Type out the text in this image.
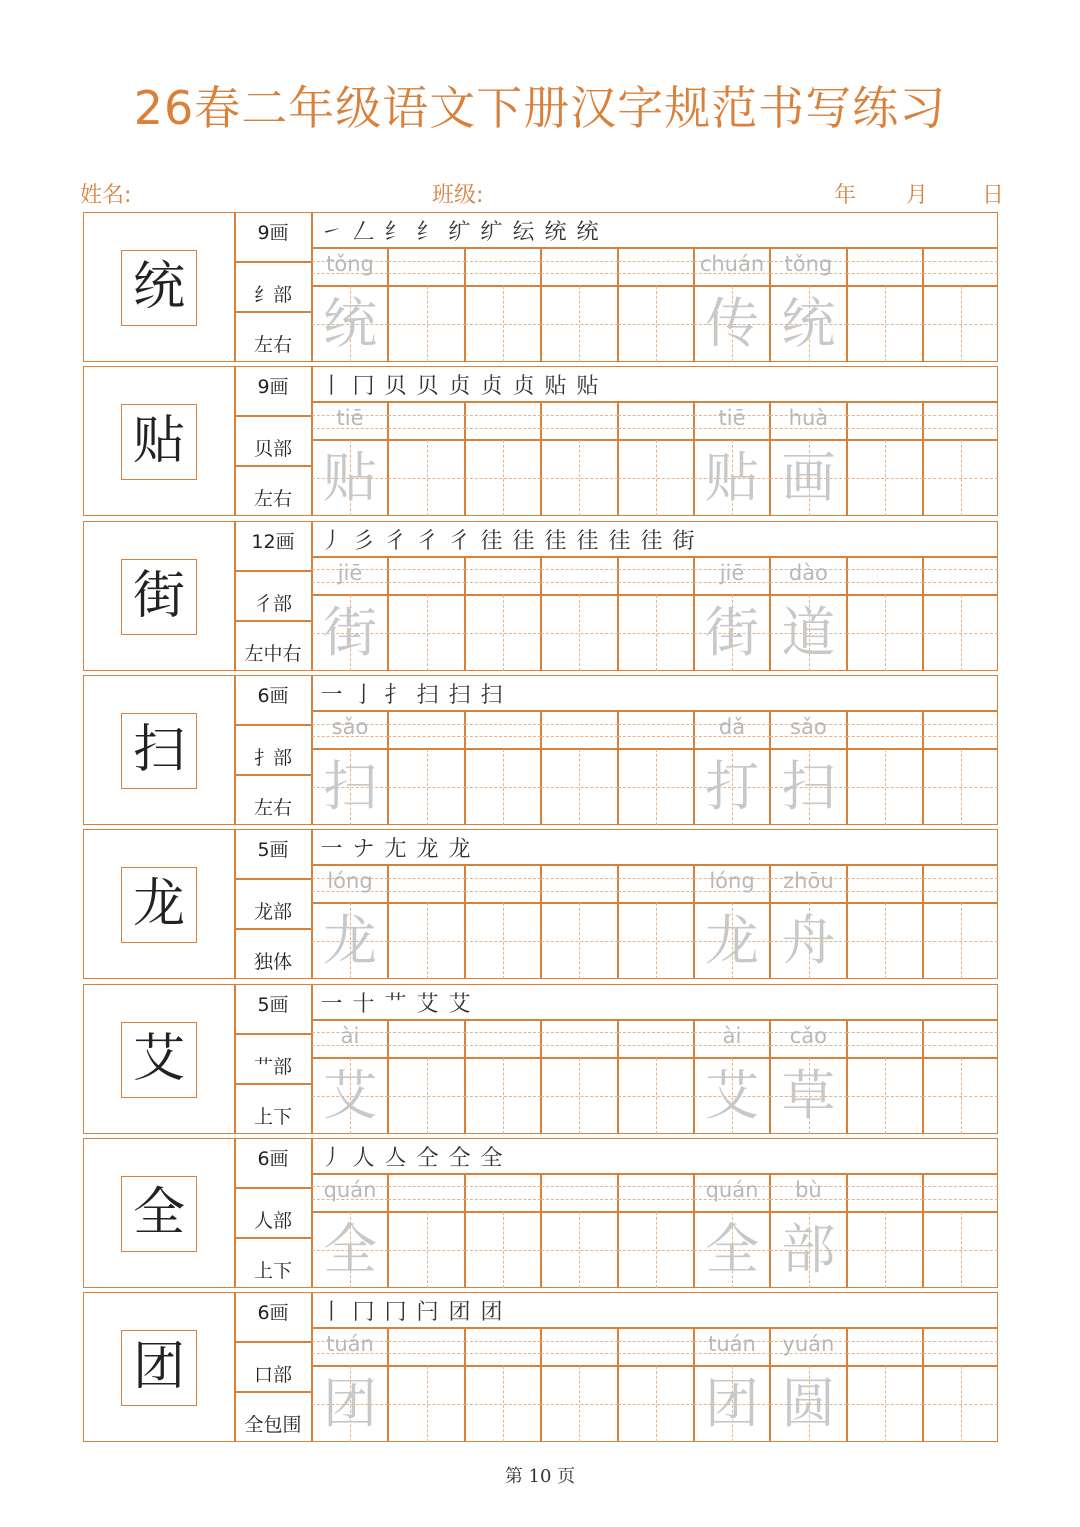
26春二年级语文下册汉字规范书写练习
姓名:	班级:	年 月 日
统
9画
纟部
左右
㇀ 𠃋 纟 纟 纩 纩 纭 统 统
tǒng
统
chuán
传
tǒng
统
贴
9画
贝部
左右
丨 冂 贝 贝 贞 贞 贞 贴 贴
tiē
贴
tiē
贴
huà
画
街
12画
彳部
左中右
丿 彡 彳 彳 彳 徍 徍 徍 徍 徍 徍 街
jiē
街
jiē
街
dào
道
扫
6画
扌部
左右
一 亅 扌 扫 扫 扫
sǎo
扫
dǎ
打
sǎo
扫
龙
5画
龙部
独体
一 ナ 尢 龙 龙
lóng
龙
lóng
龙
zhōu
舟
艾
5画
艹部
上下
一 十 艹 艾 艾
ài
艾
ài
艾
cǎo
草
全
6画
人部
上下
丿 人 亼 仝 仝 全
quán
全
quán
全
bù
部
团
6画
口部
全包围
丨 冂 冂 闩 团 团
tuán
团
tuán
团
yuán
圆
第 10 页
